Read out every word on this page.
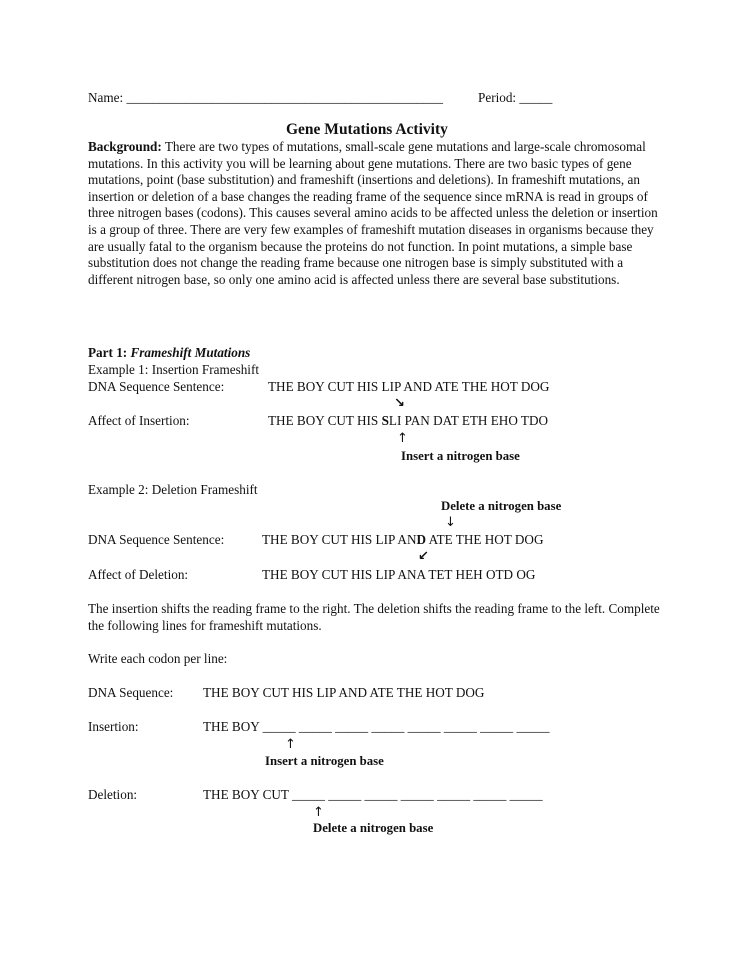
Name: ________________________________________________	Period: _____
Gene Mutations Activity
Background: There are two types of mutations, small-scale gene mutations and large-scale chromosomal mutations. In this activity you will be learning about gene mutations. There are two basic types of gene mutations, point (base substitution) and frameshift (insertions and deletions). In frameshift mutations, an insertion or deletion of a base changes the reading frame of the sequence since mRNA is read in groups of three nitrogen bases (codons). This causes several amino acids to be affected unless the deletion or insertion is a group of three. There are very few examples of frameshift mutation diseases in organisms because they are usually fatal to the organism because the proteins do not function. In point mutations, a simple base substitution does not change the reading frame because one nitrogen base is simply substituted with a different nitrogen base, so only one amino acid is affected unless there are several base substitutions.
Part 1: Frameshift Mutations
Example 1: Insertion Frameshift
DNA Sequence Sentence:	THE BOY CUT HIS LIP AND ATE THE HOT DOG
↘
Affect of Insertion:	THE BOY CUT HIS SLI PAN DAT ETH EHO TDO
↑
Insert a nitrogen base
Example 2: Deletion Frameshift
Delete a nitrogen base
↓
DNA Sequence Sentence:	THE BOY CUT HIS LIP AND ATE THE HOT DOG
↙
Affect of Deletion:	THE BOY CUT HIS LIP ANA TET HEH OTD OG
The insertion shifts the reading frame to the right. The deletion shifts the reading frame to the left. Complete the following lines for frameshift mutations.
Write each codon per line:
DNA Sequence: THE BOY CUT HIS LIP AND ATE THE HOT DOG
Insertion:	THE BOY _____ _____ _____ _____ _____ _____ _____ _____
↑
Insert a nitrogen base
Deletion:	THE BOY CUT _____ _____ _____ _____ _____ _____ _____
↑
Delete a nitrogen base
